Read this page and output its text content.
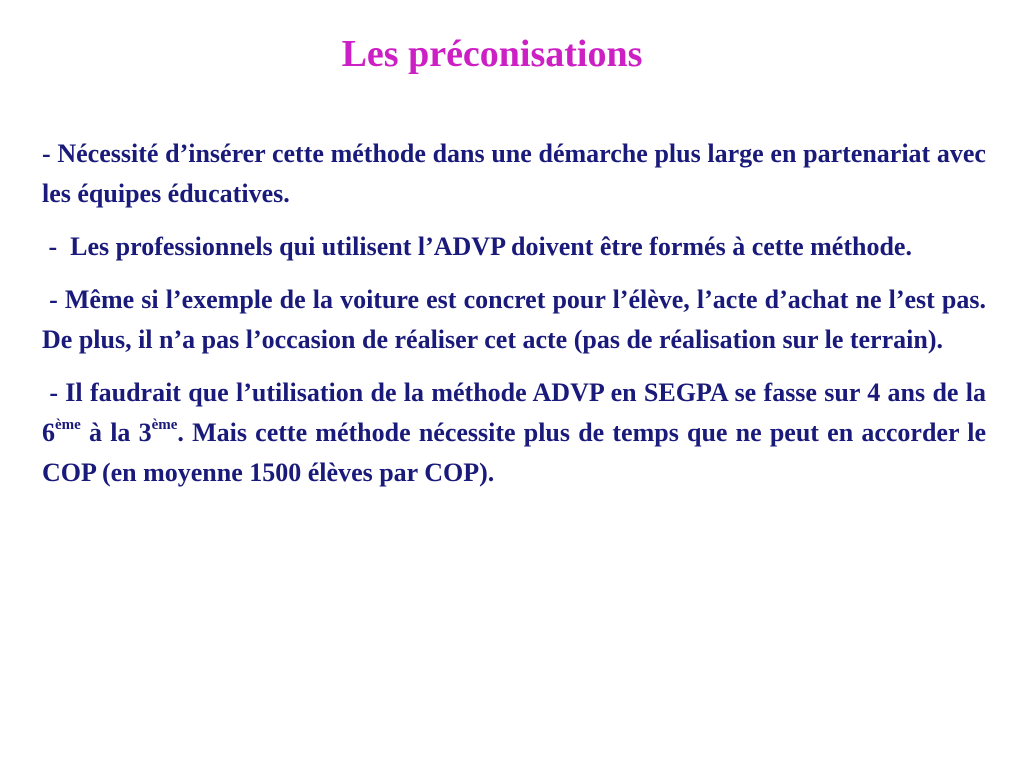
Les préconisations

- Nécessité d’insérer cette méthode dans une démarche plus large en partenariat avec les équipes éducatives.

-  Les professionnels qui utilisent l’ADVP doivent être formés à cette méthode.

- Même si l’exemple de la voiture est concret pour l’élève, l’acte d’achat ne l’est pas. De plus, il n’a pas l’occasion de réaliser cet acte (pas de réalisation sur le terrain).

- Il faudrait que l’utilisation de la méthode ADVP en SEGPA se fasse sur 4 ans de la 6ème à la 3ème. Mais cette méthode nécessite plus de temps que ne peut en accorder le COP (en moyenne 1500 élèves par COP).
